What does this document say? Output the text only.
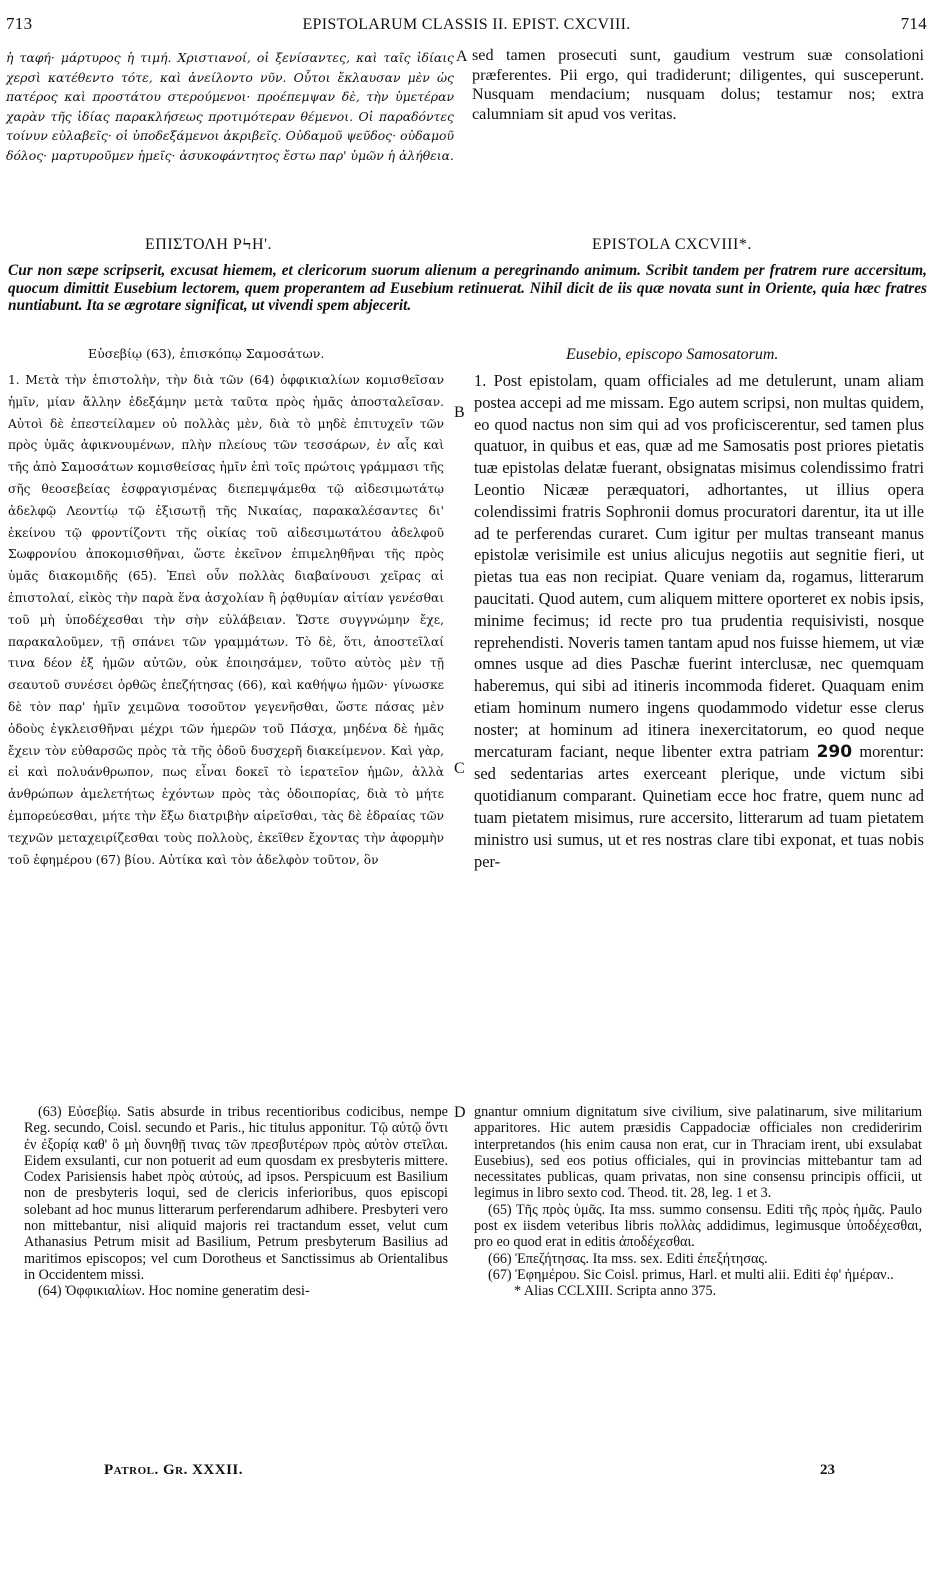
713	EPISTOLARUM CLASSIS II. EPIST. CXCVIII.	714
ἡ ταφή· μάρτυρος ἡ τιμή. Χριστιανοί, οἱ ξενίσαντες, καὶ ταῖς ἰδίαις χερσὶ κατέθεντο τότε, καὶ ἀνείλοντο νῦν. Οὗτοι ἔκλαυσαν μὲν ὡς πατέρος καὶ προστάτου στερούμενοι· προέπεμψαν δὲ, τὴν ὑμετέραν χαρὰν τῆς ἰδίας παρακλήσεως προτιμότεραν θέμενοι. Οἱ παραδόντες τοίνυν εὐλαβεῖς· οἱ ὑποδεξάμενοι ἀκριβεῖς. Οὐδαμοῦ ψεῦδος· οὐδαμοῦ δόλος· μαρτυροῦμεν ἡμεῖς· ἀσυκοφάντητος ἔστω παρ' ὑμῶν ἡ ἀλήθεια.
A sed tamen prosecuti sunt, gaudium vestrum suæ consolationi præferentes. Pii ergo, qui tradiderunt; diligentes, qui susceperunt. Nusquam mendacium; nusquam dolus; testamur nos; extra calumniam sit apud vos veritas.
ΕΠΙΣΤΟΛΗ ΡϞΗ'.	EPISTOLA CXCVIII*.
Cur non sæpe scripserit, excusat hiemem, et clericorum suorum alienum a peregrinando animum. Scribit tandem per fratrem rure accersitum, quocum dimittit Eusebium lectorem, quem properantem ad Eusebium retinuerat. Nihil dicit de iis quæ novata sunt in Oriente, quia hæc fratres nuntiabunt. Ita se ægrotare significat, ut vivendi spem abjecerit.
Εὐσεβίῳ (63), ἐπισκόπῳ Σαμοσάτων.	Eusebio, episcopo Samosatorum.
1. Μετὰ τὴν ἐπιστολὴν, τὴν διὰ τῶν (64) ὀφφικιαλίων κομισθεῖσαν ἡμῖν, μίαν ἄλλην ἐδεξάμην μετὰ ταῦτα πρὸς ἡμᾶς ἀποσταλεῖσαν. Αὐτοὶ δὲ ἐπεστείλαμεν οὐ πολλὰς μὲν, διὰ τὸ μηδὲ ἐπιτυχεῖν τῶν πρὸς ὑμᾶς ἀφικνουμένων, πλὴν πλείους τῶν τεσσάρων, ἐν αἷς καὶ τῆς ἀπὸ Σαμοσάτων κομισθείσας ἡμῖν ἐπὶ τοῖς πρώτοις γράμμασι τῆς σῆς θεοσεβείας ἐσφραγισμένας διεπεμψάμεθα τῷ αἰδεσιμωτάτῳ ἀδελφῷ Λεοντίῳ τῷ ἐξισωτῇ τῆς Νικαίας, παρακαλέσαντες δι' ἐκείνου τῷ φροντίζοντι τῆς οἰκίας τοῦ αἰδεσιμωτάτου ἀδελφοῦ Σωφρονίου ἀποκομισθῆναι, ὥστε ἐκεῖνον ἐπιμεληθῆναι τῆς πρὸς ὑμᾶς διακομιδῆς (65). Ἐπεὶ οὖν πολλὰς διαβαίνουσι χεῖρας αἱ ἐπιστολαί, εἰκὸς τὴν παρὰ ἕνα ἀσχολίαν ἢ ῥᾳθυμίαν αἰτίαν γενέσθαι τοῦ μὴ ὑποδέχεσθαι τὴν σὴν εὐλάβειαν. Ὥστε συγγνώμην ἔχε, παρακαλοῦμεν, τῇ σπάνει τῶν γραμμάτων. Τὸ δὲ, ὅτι, ἀποστεῖλαί τινα δέον ἐξ ἡμῶν αὐτῶν, οὐκ ἐποιησάμεν, τοῦτο αὐτὸς μὲν τῇ σεαυτοῦ συνέσει ὀρθῶς ἐπεζήτησας (66), καὶ καθήψω ἡμῶν· γίνωσκε δὲ τὸν παρ' ἡμῖν χειμῶνα τοσοῦτον γεγενῆσθαι, ὥστε πάσας μὲν ὁδοὺς ἐγκλεισθῆναι μέχρι τῶν ἡμερῶν τοῦ Πάσχα, μηδένα δὲ ἡμᾶς ἔχειν τὸν εὐθαρσῶς πρὸς τὰ τῆς ὁδοῦ δυσχερῆ διακείμενον. Καὶ γὰρ, εἰ καὶ πολυάνθρωπον, πως εἶναι δοκεῖ τὸ ἱερατεῖον ἡμῶν, ἀλλὰ ἀνθρώπων ἀμελετήτως ἐχόντων πρὸς τὰς ὁδοιπορίας, διὰ τὸ μήτε ἐμπορεύεσθαι, μήτε τὴν ἔξω διατριβὴν αἱρεῖσθαι, τὰς δὲ ἑδραίας τῶν τεχνῶν μεταχειρίζεσθαι τοὺς πολλοὺς, ἐκεῖθεν ἔχοντας τὴν ἀφορμὴν τοῦ ἐφημέρου (67) βίου. Αὐτίκα καὶ τὸν ἀδελφὸν τοῦτον, ὃν
B
C
1. Post epistolam, quam officiales ad me detulerunt, unam aliam postea accepi ad me missam. Ego autem scripsi, non multas quidem, eo quod nactus non sim qui ad vos proficiscerentur, sed tamen plus quatuor, in quibus et eas, quæ ad me Samosatis post priores pietatis tuæ epistolas delatæ fuerant, obsignatas misimus colendissimo fratri Leontio Nicææ peræquatori, adhortantes, ut illius opera colendissimi fratris Sophronii domus procuratori darentur, ita ut ille ad te perferendas curaret. Cum igitur per multas transeant manus epistolæ verisimile est unius alicujus negotiis aut segnitie fieri, ut pietas tua eas non recipiat. Quare veniam da, rogamus, litterarum paucitati. Quod autem, cum aliquem mittere oporteret ex nobis ipsis, minime fecimus; id recte pro tua prudentia requisivisti, nosque reprehendisti. Noveris tamen tantam apud nos fuisse hiemem, ut viæ omnes usque ad dies Paschæ fuerint interclusæ, nec quemquam haberemus, qui sibi ad itineris incommoda fideret. Quaquam enim etiam hominum numero ingens quodammodo videtur esse clerus noster; at hominum ad itinera inexercitatorum, eo quod neque mercaturam faciant, neque libenter extra patriam 290 morentur: sed sedentarias artes exerceant plerique, unde victum sibi quotidianum comparant. Quinetiam ecce hoc fratre, quem nunc ad tuam pietatem misimus, rure accersito, litterarum ad tuam pietatem ministro usi sumus, ut et res nostras clare tibi exponat, et tuas nobis per-

(63) Εὐσεβίῳ. Satis absurde in tribus recentioribus codicibus, nempe Reg. secundo, Coisl. secundo et Paris., hic titulus apponitur. Τῷ αὐτῷ ὄντι ἐν ἐξορίᾳ καθ' ὃ μὴ δυνηθῇ τινας τῶν πρεσβυτέρων πρὸς αὐτὸν στεῖλαι. Eidem exsulanti, cur non potuerit ad eum quosdam ex presbyteris mittere. Codex Parisiensis habet πρὸς αὐτούς, ad ipsos. Perspicuum est Basilium non de presbyteris loqui, sed de clericis inferioribus, quos episcopi solebant ad hoc munus litterarum perferendarum adhibere. Presbyteri vero non mittebantur, nisi aliquid majoris rei tractandum esset, velut cum Athanasius Petrum misit ad Basilium, Petrum presbyterum Basilius ad maritimos episcopos; vel cum Dorotheus et Sanctissimus ab Orientalibus in Occidentem missi.

(64) Ὀφφικιαλίων. Hoc nomine generatim desi-

D gnantur omnium dignitatum sive civilium, sive palatinarum, sive militarium apparitores. Hic autem præsidis Cappadociæ officiales non credideririm interpretandos (his enim causa non erat, cur in Thraciam irent, ubi exsulabat Eusebius), sed eos potius officiales, qui in provincias mittebantur tam ad necessitates publicas, quam privatas, non sine consensu principis officii, ut legimus in libro sexto cod. Theod. tit. 28, leg. 1 et 3.

(65) Τῆς πρὸς ὑμᾶς. Ita mss. summo consensu. Editi τῆς πρὸς ἡμᾶς. Paulo post ex iisdem veteribus libris πολλὰς addidimus, legimusque ὑποδέχεσθαι, pro eo quod erat in editis ἀποδέχεσθαι.

(66) Ἐπεζήτησας. Ita mss. sex. Editi ἐπεξήτησας.

(67) Ἐφημέρου. Sic Coisl. primus, Harl. et multi alii. Editi ἐφ' ἡμέραν..

* Alias CCLXIII. Scripta anno 375.

Patrol. Gr. XXXII.	23
